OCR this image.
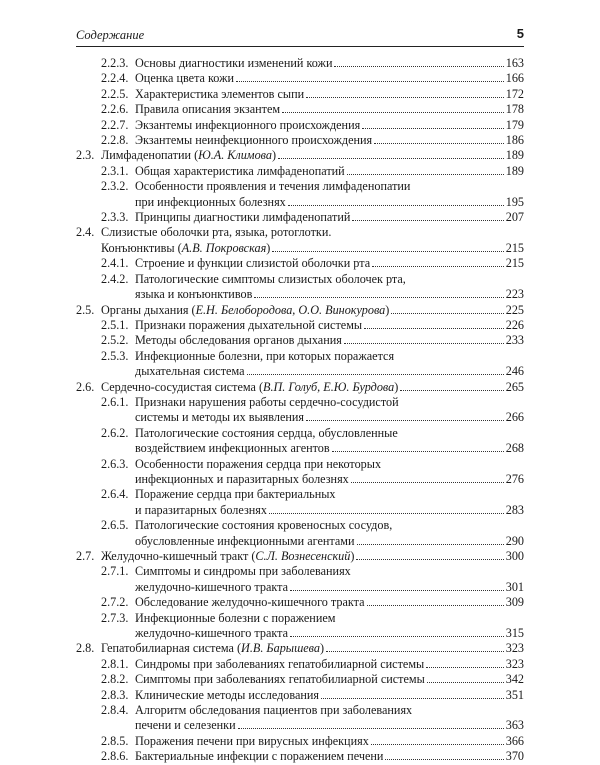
Содержание	5
2.2.3. Основы диагностики изменений кожи	163
2.2.4. Оценка цвета кожи	166
2.2.5. Характеристика элементов сыпи	172
2.2.6. Правила описания экзантем	178
2.2.7. Экзантемы инфекционного происхождения	179
2.2.8. Экзантемы неинфекционного происхождения	186
2.3. Лимфаденопатии ( Ю.А. Климова )	189
2.3.1. Общая характеристика лимфаденопатий	189
2.3.2. Особенности проявления и течения лимфаденопатии
при инфекционных болезнях	195
2.3.3. Принципы диагностики лимфаденопатий	207
2.4. Слизистые оболочки рта, языка, ротоглотки.
Конъюнктивы ( А.В. Покровская )	215
2.4.1. Строение и функции слизистой оболочки рта	215
2.4.2. Патологические симптомы слизистых оболочек рта,
языка и конъюнктивов	223
2.5. Органы дыхания ( Е.Н. Белобородова, О.О. Винокурова )	225
2.5.1. Признаки поражения дыхательной системы	226
2.5.2. Методы обследования органов дыхания	233
2.5.3. Инфекционные болезни, при которых поражается
дыхательная система	246
2.6. Сердечно-сосудистая система ( В.П. Голуб, Е.Ю. Бурдова )	265
2.6.1. Признаки нарушения работы сердечно-сосудистой
системы и методы их выявления	266
2.6.2. Патологические состояния сердца, обусловленные
воздействием инфекционных агентов	268
2.6.3. Особенности поражения сердца при некоторых
инфекционных и паразитарных болезнях	276
2.6.4. Поражение сердца при бактериальных
и паразитарных болезнях	283
2.6.5. Патологические состояния кровеносных сосудов,
обусловленные инфекционными агентами	290
2.7. Желудочно-кишечный тракт ( С.Л. Вознесенский )	300
2.7.1. Симптомы и синдромы при заболеваниях
желудочно-кишечного тракта	301
2.7.2. Обследование желудочно-кишечного тракта	309
2.7.3. Инфекционные болезни с поражением
желудочно-кишечного тракта	315
2.8. Гепатобилиарная система ( И.В. Барышева )	323
2.8.1. Синдромы при заболеваниях гепатобилиарной системы	323
2.8.2. Симптомы при заболеваниях гепатобилиарной системы	342
2.8.3. Клинические методы исследования	351
2.8.4. Алгоритм обследования пациентов при заболеваниях
печени и селезенки	363
2.8.5. Поражения печени при вирусных инфекциях	366
2.8.6. Бактериальные инфекции с поражением печени	370
